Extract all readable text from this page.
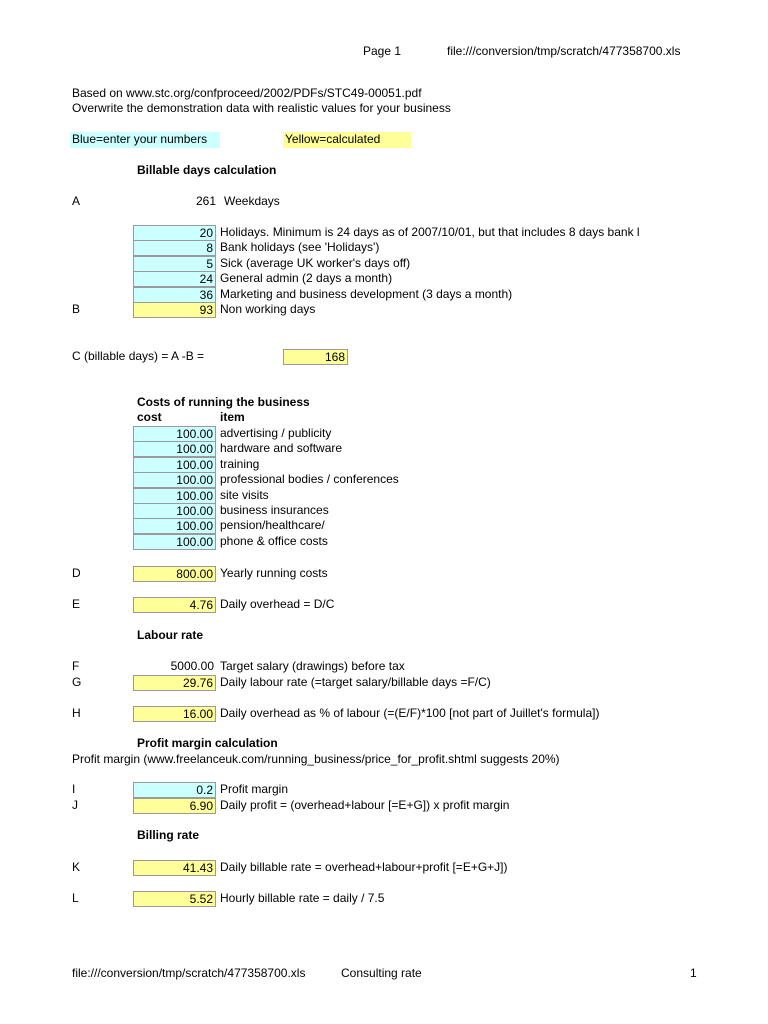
Page 1	file:///conversion/tmp/scratch/477358700.xls
Based on www.stc.org/confproceed/2002/PDFs/STC49-00051.pdf
Overwrite the demonstration data with realistic values for your business
Blue=enter your numbers	Yellow=calculated
Billable days calculation
A	261 Weekdays
20 Holidays. Minimum is 24 days as of 2007/10/01, but that includes 8 days bank l
8 Bank holidays (see 'Holidays')
5 Sick (average UK worker's days off)
24 General admin (2 days a month)
36 Marketing and business development (3 days a month)
B	93 Non working days
C (billable days) = A -B =	168
Costs of running the business
cost	item
100.00 advertising / publicity
100.00 hardware and software
100.00 training
100.00 professional bodies / conferences
100.00 site visits
100.00 business insurances
100.00 pension/healthcare/
100.00 phone & office costs
D	800.00 Yearly running costs
E	4.76 Daily overhead = D/C
Labour rate
F	5000.00 Target salary (drawings) before tax
G	29.76 Daily labour rate (=target salary/billable days =F/C)
H	16.00 Daily overhead as % of labour (=(E/F)*100 [not part of Juillet's formula])
Profit margin calculation
Profit margin (www.freelanceuk.com/running_business/price_for_profit.shtml suggests 20%)
I	0.2 Profit margin
J	6.90 Daily profit = (overhead+labour [=E+G]) x profit margin
Billing rate
K	41.43 Daily billable rate = overhead+labour+profit [=E+G+J])
L	5.52 Hourly billable rate = daily / 7.5
file:///conversion/tmp/scratch/477358700.xls	Consulting rate	1
